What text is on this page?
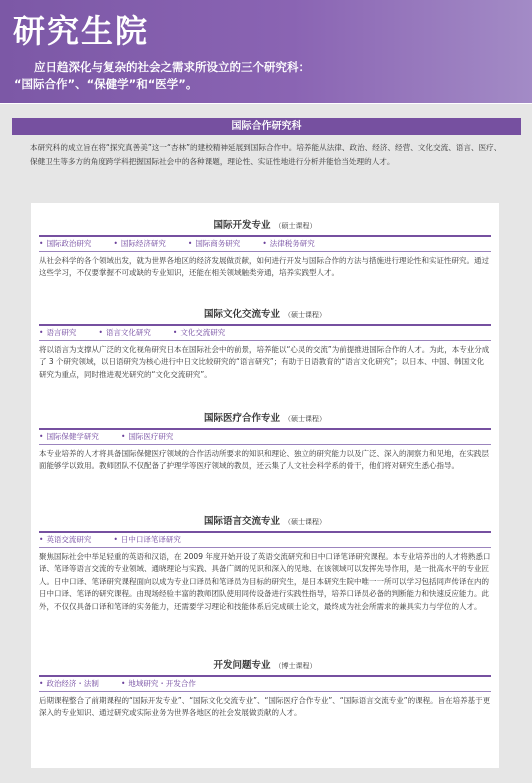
研究生院
应日趋深化与复杂的社会之需求所设立的三个研究科：
“国际合作”、“保健学”和“医学”。
国际合作研究科
本研究科的成立旨在将“探究真善美”这一“杏林”的建校精神延展到国际合作中。培养能从法律、政治、经济、经营、文化交流、语言、医疗、保健卫生等多方的角度跨学科把握国际社会中的各种课题，理论性、实证性地进行分析并能恰当处理的人才。
国际开发专业 （硕士课程）
• 国际政治研究	• 国际经济研究	• 国际商务研究	• 法律税务研究
从社会科学的各个领域出发，就为世界各地区的经济发展做贡献，如何进行开发与国际合作的方法与措施进行理论性和实证性研究。通过这些学习，不仅要掌握不可或缺的专业知识，还能在相关领域触类旁通，培养实践型人才。
国际文化交流专业 （硕士课程）
• 语言研究	• 语言文化研究	• 文化交流研究
将以语言为支撑从广泛的文化视角研究日本在国际社会中的前景，培养能以“心灵的交流”为前提推进国际合作的人才。为此，本专业分成了 3 个研究领域，以日语研究为核心进行中日文比较研究的“语言研究”；有助于日语教育的“语言文化研究”；以日本、中国、韩国文化研究为重点，同时推进观光研究的“文化交流研究”。
国际医疗合作专业 （硕士课程）
• 国际保健学研究	• 国际医疗研究
本专业培养的人才将具备国际保健医疗领域的合作活动所要求的知识和理论、独立的研究能力以及广泛、深入的洞察力和见地，在实践层面能够学以致用。教师团队不仅配备了护理学等医疗领域的教员，还云集了人文社会科学系的骨干，他们将对研究生悉心指导。
国际语言交流专业 （硕士课程）
• 英语交流研究	• 日中口译笔译研究
聚焦国际社会中举足轻重的英语和汉语，在 2009 年度开始开设了英语交流研究和日中口译笔译研究课程。本专业培养出的人才将熟悉口译、笔译等语言交流的专业领域、通晓理论与实践、具备广阔的见识和深入的见地、在该领域可以发挥先导作用，是一批高水平的专业匠人。日中口译、笔译研究课程面向以成为专业口译员和笔译员为目标的研究生，是日本研究生院中唯一一所可以学习包括同声传译在内的日中口译、笔译的研究课程。由现场经验丰富的教师团队使用同传设备进行实践性指导，培养口译员必备的判断能力和快速反应能力。此外，不仅仅具备口译和笔译的实务能力，还需要学习理论和技能体系后完成硕士论文，最终成为社会所需求的兼具实力与学位的人才。
开发问题专业 （博士课程）
• 政治经济・法制	• 地域研究・开发合作
后期课程整合了前期课程的“国际开发专业”、“国际文化交流专业”、“国际医疗合作专业”、“国际语言交流专业”的课程。旨在培养基于更深入的专业知识、通过研究或实际业务为世界各地区的社会发展做贡献的人才。
